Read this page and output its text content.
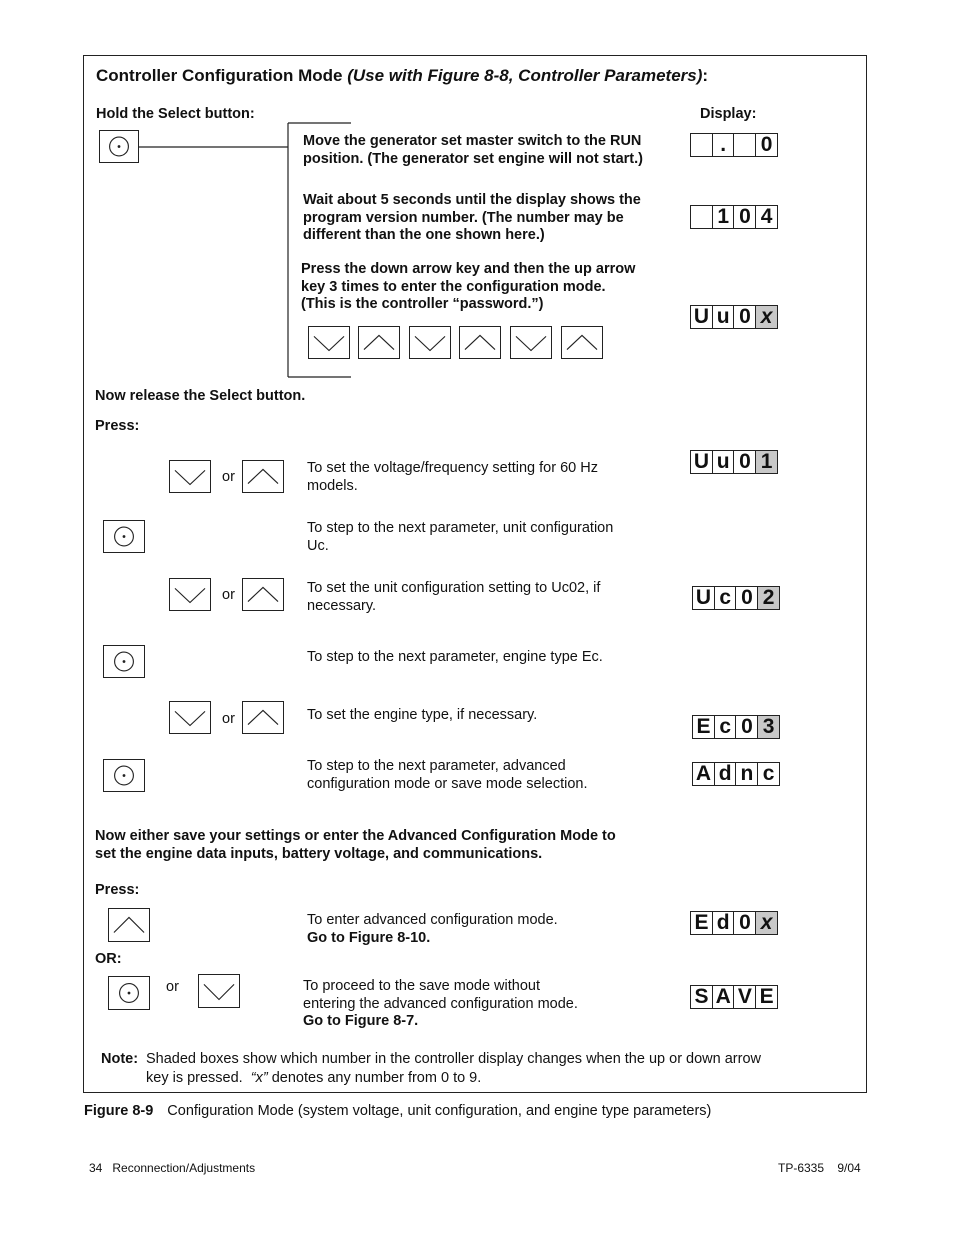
Controller Configuration Mode (Use with Figure 8-8, Controller Parameters):
Hold the Select button:	Display:
Move the generator set master switch to the RUN
position. (The generator set engine will not start.)
Wait about 5 seconds until the display shows the
program version number. (The number may be
different than the one shown here.)
Press the down arrow key and then the up arrow
key 3 times to enter the configuration mode.
(This is the controller “password.”)
.	0
1 0 4
U u 0 x
Now release the Select button.
Press:
or
To set the voltage/frequency setting for 60 Hz
models.
U u 0 1
To step to the next parameter, unit configuration
Uc.
or	To set the unit configuration setting to Uc02, if
necessary.	U c 0 2
To step to the next parameter, engine type Ec.
or	To set the engine type, if necessary.	E c 0 3
To step to the next parameter, advanced
configuration mode or save mode selection.	A d n c
Now either save your settings or enter the Advanced Configuration Mode to
set the engine data inputs, battery voltage, and communications.
Press:
To enter advanced configuration mode.
Go to Figure 8-10.
E d 0 x
OR:
or	To proceed to the save mode without
entering the advanced configuration mode.
Go to Figure 8-7.
S A V E
Note: Shaded boxes show which number in the controller display changes when the up or down arrow
key is pressed.  “x” denotes any number from 0 to 9.
Figure 8-9 Configuration Mode (system voltage, unit configuration, and engine type parameters)
34   Reconnection/Adjustments	TP-6335    9/04
